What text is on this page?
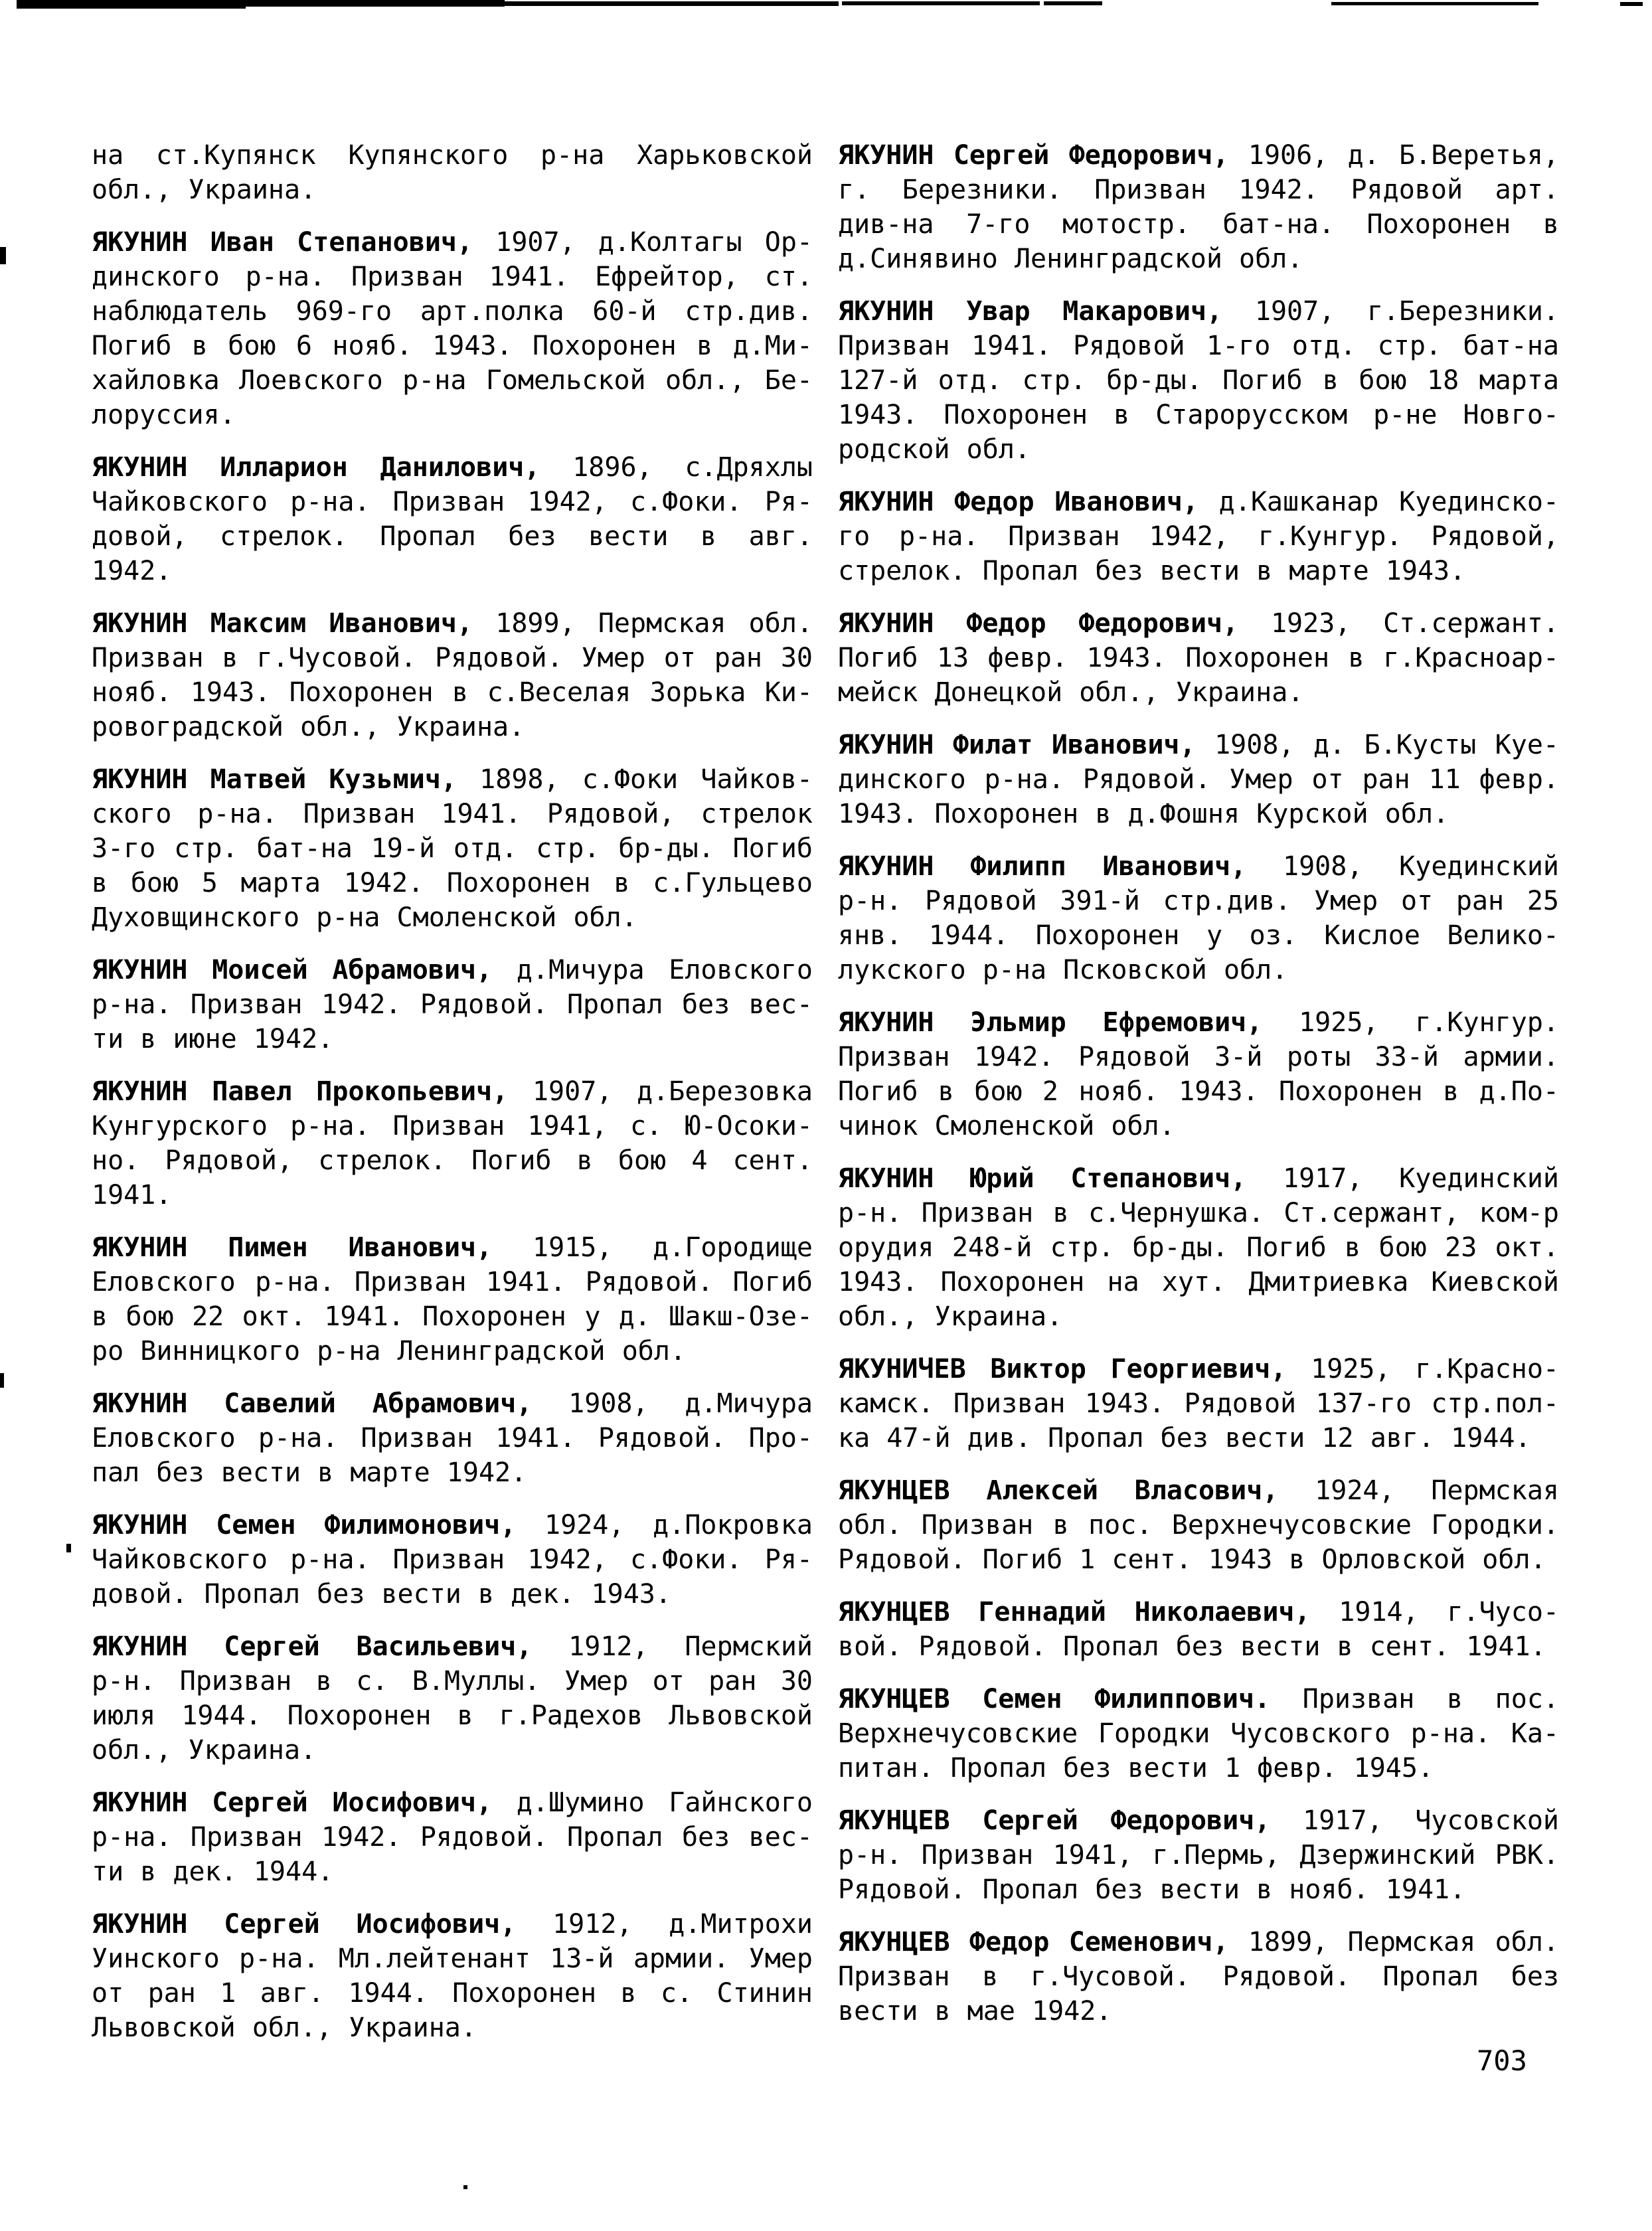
на ст.Купянск Купянского р-на Харьковской
обл., Украина.
ЯКУНИН Иван Степанович, 1907, д.Колтагы Ор-
динского р-на. Призван 1941. Ефрейтор, ст.
наблюдатель 969-го арт.полка 60-й стр.див.
Погиб в бою 6 нояб. 1943. Похоронен в д.Ми-
хайловка Лоевского р-на Гомельской обл., Бе-
лоруссия.
ЯКУНИН Илларион Данилович, 1896, с.Дряхлы
Чайковского р-на. Призван 1942, с.Фоки. Ря-
довой, стрелок. Пропал без вести в авг.
1942.
ЯКУНИН Максим Иванович, 1899, Пермская обл.
Призван в г.Чусовой. Рядовой. Умер от ран 30
нояб. 1943. Похоронен в с.Веселая Зорька Ки-
ровоградской обл., Украина.
ЯКУНИН Матвей Кузьмич, 1898, с.Фоки Чайков-
ского р-на. Призван 1941. Рядовой, стрелок
3-го стр. бат-на 19-й отд. стр. бр-ды. Погиб
в бою 5 марта 1942. Похоронен в с.Гульцево
Духовщинского р-на Смоленской обл.
ЯКУНИН Моисей Абрамович, д.Мичура Еловского
р-на. Призван 1942. Рядовой. Пропал без вес-
ти в июне 1942.
ЯКУНИН Павел Прокопьевич, 1907, д.Березовка
Кунгурского р-на. Призван 1941, с. Ю-Осоки-
но. Рядовой, стрелок. Погиб в бою 4 сент.
1941.
ЯКУНИН Пимен Иванович, 1915, д.Городище
Еловского р-на. Призван 1941. Рядовой. Погиб
в бою 22 окт. 1941. Похоронен у д. Шакш-Озе-
ро Винницкого р-на Ленинградской обл.
ЯКУНИН Савелий Абрамович, 1908, д.Мичура
Еловского р-на. Призван 1941. Рядовой. Про-
пал без вести в марте 1942.
ЯКУНИН Семен Филимонович, 1924, д.Покровка
Чайковского р-на. Призван 1942, с.Фоки. Ря-
довой. Пропал без вести в дек. 1943.
ЯКУНИН Сергей Васильевич, 1912, Пермский
р-н. Призван в с. В.Муллы. Умер от ран 30
июля 1944. Похоронен в г.Радехов Львовской
обл., Украина.
ЯКУНИН Сергей Иосифович, д.Шумино Гайнского
р-на. Призван 1942. Рядовой. Пропал без вес-
ти в дек. 1944.
ЯКУНИН Сергей Иосифович, 1912, д.Митрохи
Уинского р-на. Мл.лейтенант 13-й армии. Умер
от ран 1 авг. 1944. Похоронен в с. Стинин
Львовской обл., Украина.
ЯКУНИН Сергей Федорович, 1906, д. Б.Веретья,
г. Березники. Призван 1942. Рядовой арт.
див-на 7-го мотостр. бат-на. Похоронен в
д.Синявино Ленинградской обл.
ЯКУНИН Увар Макарович, 1907, г.Березники.
Призван 1941. Рядовой 1-го отд. стр. бат-на
127-й отд. стр. бр-ды. Погиб в бою 18 марта
1943. Похоронен в Старорусском р-не Новго-
родской обл.
ЯКУНИН Федор Иванович, д.Кашканар Куединско-
го р-на. Призван 1942, г.Кунгур. Рядовой,
стрелок. Пропал без вести в марте 1943.
ЯКУНИН Федор Федорович, 1923, Ст.сержант.
Погиб 13 февр. 1943. Похоронен в г.Красноар-
мейск Донецкой обл., Украина.
ЯКУНИН Филат Иванович, 1908, д. Б.Кусты Куе-
динского р-на. Рядовой. Умер от ран 11 февр.
1943. Похоронен в д.Фошня Курской обл.
ЯКУНИН Филипп Иванович, 1908, Куединский
р-н. Рядовой 391-й стр.див. Умер от ран 25
янв. 1944. Похоронен у оз. Кислое Велико-
лукского р-на Псковской обл.
ЯКУНИН Эльмир Ефремович, 1925, г.Кунгур.
Призван 1942. Рядовой 3-й роты 33-й армии.
Погиб в бою 2 нояб. 1943. Похоронен в д.По-
чинок Смоленской обл.
ЯКУНИН Юрий Степанович, 1917, Куединский
р-н. Призван в с.Чернушка. Ст.сержант, ком-р
орудия 248-й стр. бр-ды. Погиб в бою 23 окт.
1943. Похоронен на хут. Дмитриевка Киевской
обл., Украина.
ЯКУНИЧЕВ Виктор Георгиевич, 1925, г.Красно-
камск. Призван 1943. Рядовой 137-го стр.пол-
ка 47-й див. Пропал без вести 12 авг. 1944.
ЯКУНЦЕВ Алексей Власович, 1924, Пермская
обл. Призван в пос. Верхнечусовские Городки.
Рядовой. Погиб 1 сент. 1943 в Орловской обл.
ЯКУНЦЕВ Геннадий Николаевич, 1914, г.Чусо-
вой. Рядовой. Пропал без вести в сент. 1941.
ЯКУНЦЕВ Семен Филиппович. Призван в пос.
Верхнечусовские Городки Чусовского р-на. Ка-
питан. Пропал без вести 1 февр. 1945.
ЯКУНЦЕВ Сергей Федорович, 1917, Чусовской
р-н. Призван 1941, г.Пермь, Дзержинский РВК.
Рядовой. Пропал без вести в нояб. 1941.
ЯКУНЦЕВ Федор Семенович, 1899, Пермская обл.
Призван в г.Чусовой. Рядовой. Пропал без
вести в мае 1942.
703
